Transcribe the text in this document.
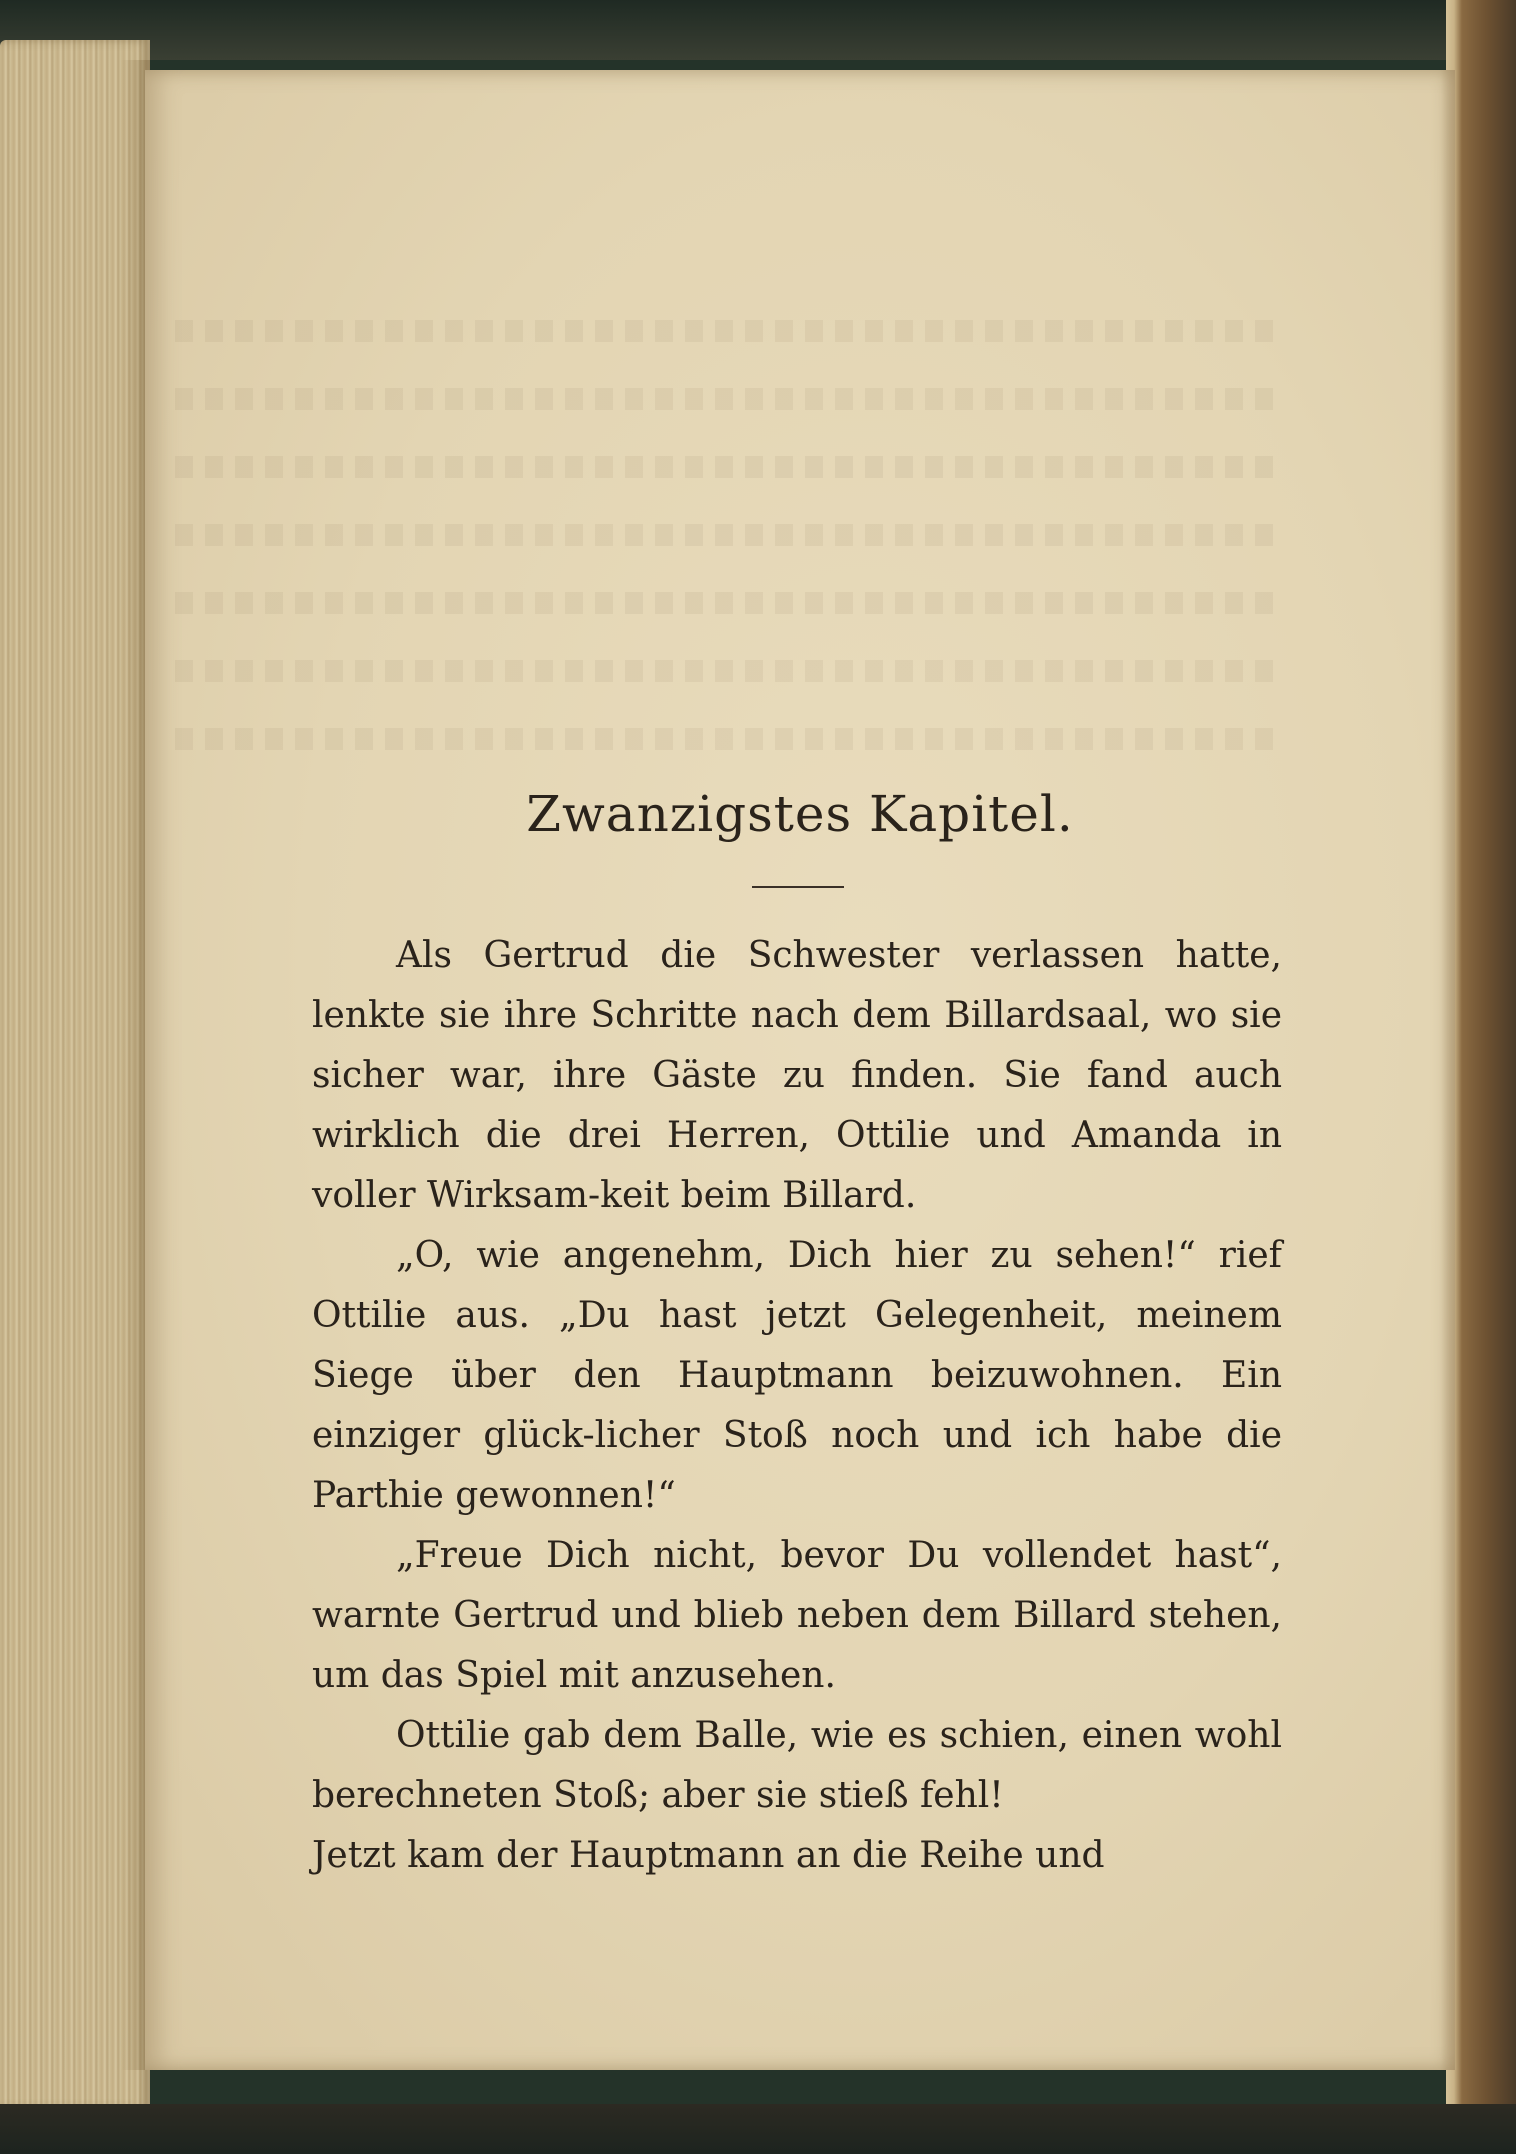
Zwanzigstes Kapitel.

Als Gertrud die Schwester verlassen hatte, lenkte sie ihre Schritte nach dem Billardsaal, wo sie sicher war, ihre Gäste zu finden. Sie fand auch wirklich die drei Herren, Ottilie und Amanda in voller Wirksam-keit beim Billard.

„O, wie angenehm, Dich hier zu sehen!“ rief Ottilie aus. „Du hast jetzt Gelegenheit, meinem Siege über den Hauptmann beizuwohnen. Ein einziger glück-licher Stoß noch und ich habe die Parthie gewonnen!“

„Freue Dich nicht, bevor Du vollendet hast“, warnte Gertrud und blieb neben dem Billard stehen, um das Spiel mit anzusehen.

Ottilie gab dem Balle, wie es schien, einen wohl berechneten Stoß; aber sie stieß fehl!

Jetzt kam der Hauptmann an die Reihe und
